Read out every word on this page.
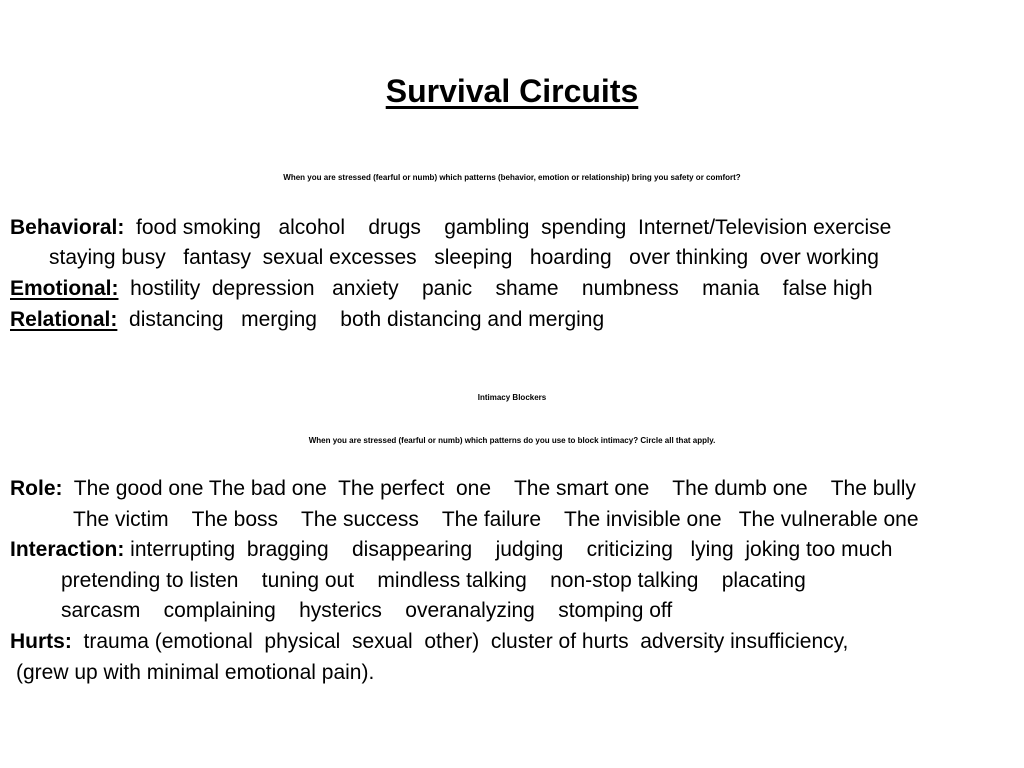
Survival Circuits
When you are stressed (fearful or numb) which patterns (behavior, emotion or relationship) bring you safety or comfort?
Behavioral:  food smoking   alcohol    drugs    gambling  spending  Internet/Television exercise
staying busy   fantasy  sexual excesses   sleeping   hoarding   over thinking  over working
Emotional:  hostility  depression   anxiety    panic    shame    numbness    mania    false high
Relational:  distancing   merging    both distancing and merging
Intimacy Blockers
When you are stressed (fearful or numb) which patterns do you use to block intimacy? Circle all that apply.
Role:  The good one The bad one  The perfect  one    The smart one    The dumb one    The bully
The victim    The boss    The success    The failure    The invisible one   The vulnerable one
Interaction: interrupting  bragging    disappearing    judging    criticizing   lying  joking too much
pretending to listen    tuning out    mindless talking    non-stop talking    placating
sarcasm    complaining    hysterics    overanalyzing    stomping off
Hurts:  trauma (emotional  physical  sexual  other)  cluster of hurts  adversity insufficiency,
(grew up with minimal emotional pain).
